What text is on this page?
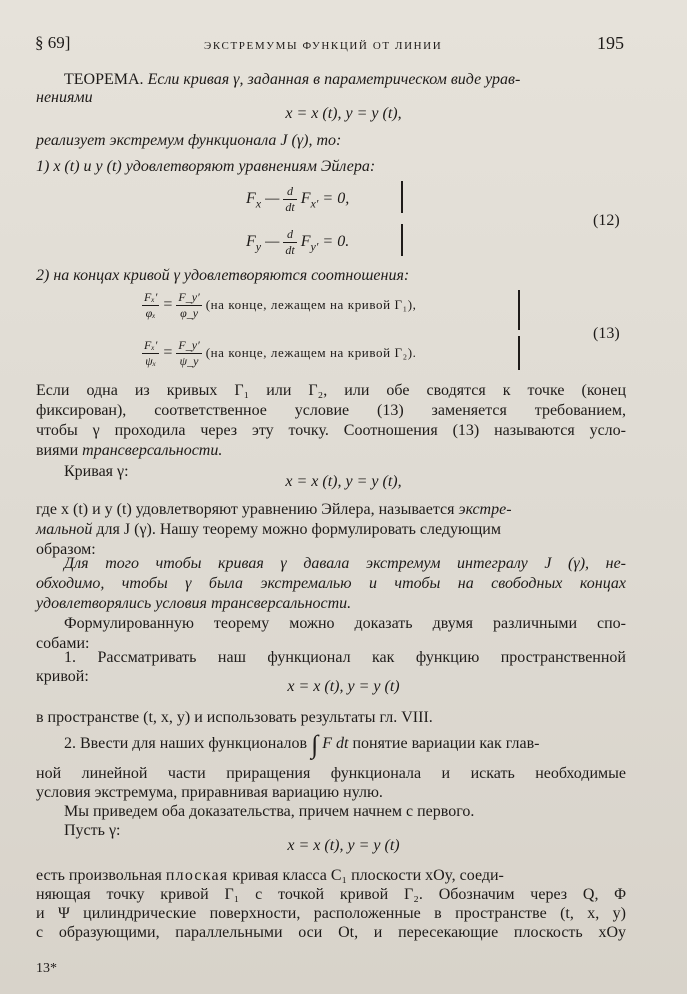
§ 69]	ЭКСТРЕМУМЫ ФУНКЦИЙ ОТ ЛИНИИ	195
ТЕОРЕМА. Если кривая γ, заданная в параметрическом виде урав-
нениями
x = x (t), y = y (t),
реализует экстремум функционала J (γ), то:
1) x (t) и y (t) удовлетворяют уравнениям Эйлера:
$F_x$ — $\frac{d}{dt} F_{x'} = 0$,
$F_y$ — $\frac{d}{dt} F_{y'} = 0$.
(12)
2) на концах кривой γ удовлетворяются соотношения:
$\frac{\text{Fₓ′}}{\text{φₓ}} = \frac{F\_y'}{\varphi\_y} (на$ конце, лежащем на кривой Γ₁),
$\frac{\text{Fₓ′}}{\text{ψₓ}} = \frac{F\_y'}{\psi\_y} (на$ конце, лежащем на кривой Γ₂).
(13)
Если одна из кривых Γ₁ или Γ₂, или обе сводятся к точке (конец
фиксирован), соответственное условие (13) заменяется требованием,
чтобы γ проходила через эту точку. Соотношения (13) называются усло-
виями трансверсальности.
Кривая γ:
x = x (t), y = y (t),
где x (t) и y (t) удовлетворяют уравнению Эйлера, называется экстре-
мальной для J (γ). Нашу теорему можно формулировать следующим
образом:
Для того чтобы кривая γ давала экстремум интегралу J (γ), не-
обходимо, чтобы γ была экстремалью и чтобы на свободных концах
удовлетворялись условия трансверсальности.
Формулированную теорему можно доказать двумя различными спо-
собами:
1. Рассматривать наш функционал как функцию пространственной
кривой:
x = x (t), y = y (t)
в пространстве (t, x, y) и использовать результаты гл. VIII.
2. Ввести для наших функционалов ∫ F dt понятие вариации как глав-
ной линейной части приращения функционала и искать необходимые
условия экстремума, приравнивая вариацию нулю.
Мы приведем оба доказательства, причем начнем с первого.
Пусть γ:
x = x (t), y = y (t)
есть произвольная плоская кривая класса C₁ плоскости xOy, соеди-
няющая точку кривой Γ₁ с точкой кривой Γ₂. Обозначим через Q, Φ
и Ψ цилиндрические поверхности, расположенные в пространстве (t, x, y)
с образующими, параллельными оси Ot, и пересекающие плоскость xOy
13*
